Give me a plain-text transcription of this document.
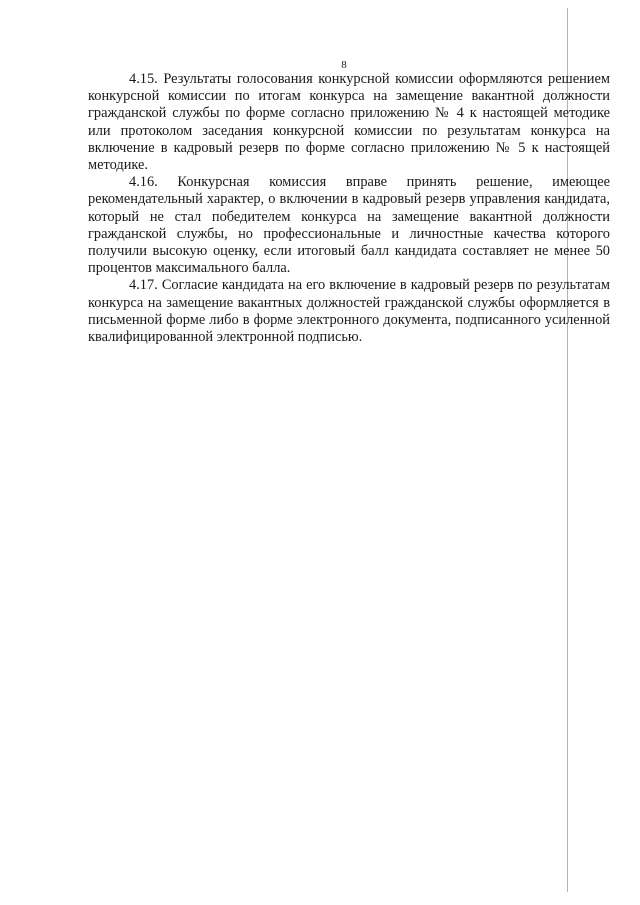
8

4.15. Результаты голосования конкурсной комиссии оформляются решением конкурсной комиссии по итогам конкурса на замещение вакантной должности гражданской службы по форме согласно приложению № 4 к настоящей методике или протоколом заседания конкурсной комиссии по результатам конкурса на включение в кадровый резерв по форме согласно приложению № 5 к настоящей методике.

4.16. Конкурсная комиссия вправе принять решение, имеющее рекомендательный характер, о включении в кадровый резерв управления кандидата, который не стал победителем конкурса на замещение вакантной должности гражданской службы, но профессиональные и личностные качества которого получили высокую оценку, если итоговый балл кандидата составляет не менее 50 процентов максимального балла.

4.17. Согласие кандидата на его включение в кадровый резерв по результатам конкурса на замещение вакантных должностей гражданской службы оформляется в письменной форме либо в форме электронного документа, подписанного усиленной квалифицированной электронной подписью.
